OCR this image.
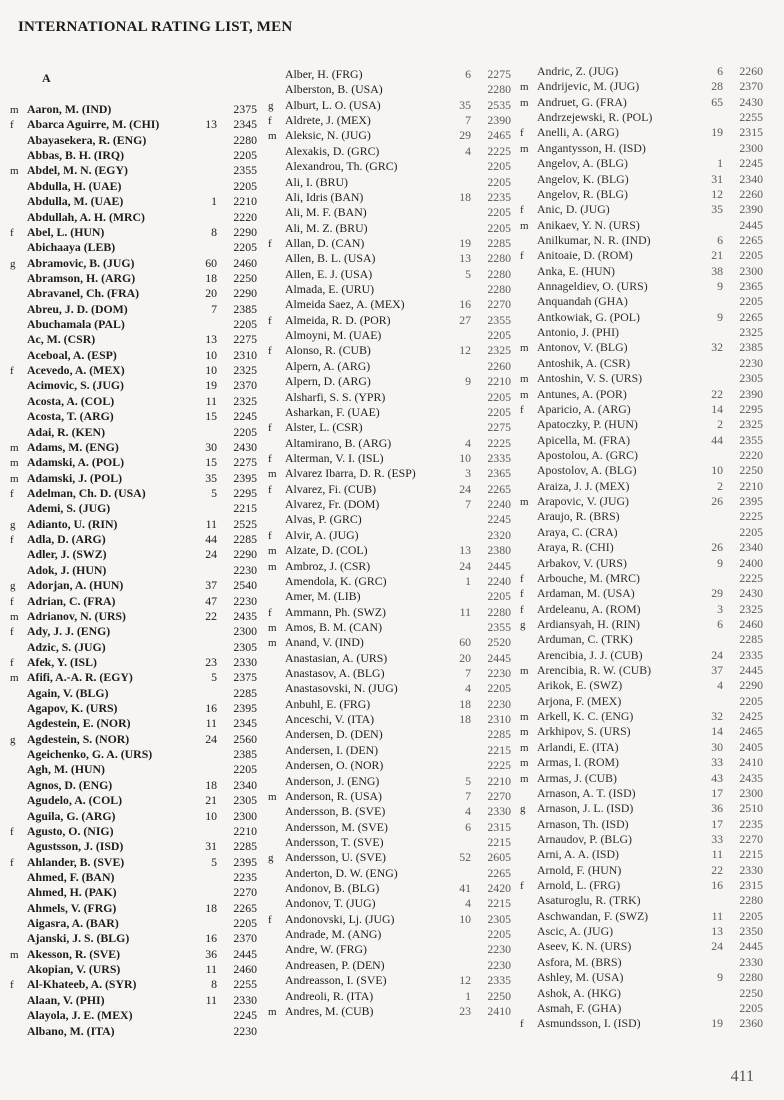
INTERNATIONAL RATING LIST, MEN
A
m Aaron, M. (IND)	2375
f	Abarca Aguirre, M. (CHI)	13	2345
Abayasekera, R. (ENG)	2280
Abbas, B. H. (IRQ)	2205
m Abdel, M. N. (EGY)	2355
Abdulla, H. (UAE)	2205
Abdulla, M. (UAE)	1	2210
Abdullah, A. H. (MRC)	2220
f	Abel, L. (HUN)	8	2290
Abichaaya (LEB)	2205
g Abramovic, B. (JUG)	60	2460
Abramson, H. (ARG)	18	2250
Abravanel, Ch. (FRA)	20	2290
Abreu, J. D. (DOM)	7	2385
Abuchamala (PAL)	2205
Ac, M. (CSR)	13	2275
Aceboal, A. (ESP)	10	2310
f	Acevedo, A. (MEX)	10	2325
Acimovic, S. (JUG)	19	2370
Acosta, A. (COL)	11	2325
Acosta, T. (ARG)	15	2245
Adai, R. (KEN)	2205
m Adams, M. (ENG)	30	2430
m Adamski, A. (POL)	15	2275
m Adamski, J. (POL)	35	2395
f	Adelman, Ch. D. (USA)	5	2295
Ademi, S. (JUG)	2215
g Adianto, U. (RIN)	11	2525
f	Adla, D. (ARG)	44	2285
Adler, J. (SWZ)	24	2290
Adok, J. (HUN)	2230
g Adorjan, A. (HUN)	37	2540
f	Adrian, C. (FRA)	47	2230
m Adrianov, N. (URS)	22	2435
f	Ady, J. J. (ENG)	2300
Adzic, S. (JUG)	2305
f	Afek, Y. (ISL)	23	2330
m Afifi, A.-A. R. (EGY)	5	2375
Again, V. (BLG)	2285
Agapov, K. (URS)	16	2395
Agdestein, E. (NOR)	11	2345
g Agdestein, S. (NOR)	24	2560
Ageichenko, G. A. (URS)	2385
Agh, M. (HUN)	2205
Agnos, D. (ENG)	18	2340
Agudelo, A. (COL)	21	2305
Aguila, G. (ARG)	10	2300
f	Agusto, O. (NIG)	2210
Agustsson, J. (ISD)	31	2285
f	Ahlander, B. (SVE)	5	2395
Ahmed, F. (BAN)	2235
Ahmed, H. (PAK)	2270
Ahmels, V. (FRG)	18	2265
Aigasra, A. (BAR)	2205
Ajanski, J. S. (BLG)	16	2370
m Akesson, R. (SVE)	36	2445
Akopian, V. (URS)	11	2460
f	Al-Khateeb, A. (SYR)	8	2255
Alaan, V. (PHI)	11	2330
Alayola, J. E. (MEX)	2245
Albano, M. (ITA)	2230
Alber, H. (FRG)	6	2275
Alberston, B. (USA)	2280
g Alburt, L. O. (USA)	35	2535
f	Aldrete, J. (MEX)	7	2390
m Aleksic, N. (JUG)	29	2465
Alexakis, D. (GRC)	4	2225
Alexandrou, Th. (GRC)	2205
Ali, I. (BRU)	2205
Ali, Idris (BAN)	18	2235
Ali, M. F. (BAN)	2205
Ali, M. Z. (BRU)	2205
f	Allan, D. (CAN)	19	2285
Allen, B. L. (USA)	13	2280
Allen, E. J. (USA)	5	2280
Almada, E. (URU)	2280
Almeida Saez, A. (MEX)	16	2270
f	Almeida, R. D. (POR)	27	2355
Almoyni, M. (UAE)	2205
f	Alonso, R. (CUB)	12	2325
Alpern, A. (ARG)	2260
Alpern, D. (ARG)	9	2210
Alsharfi, S. S. (YPR)	2205
Asharkan, F. (UAE)	2205
f	Alster, L. (CSR)	2275
Altamirano, B. (ARG)	4	2225
f	Alterman, V. I. (ISL)	10	2335
m Alvarez Ibarra, D. R. (ESP)	3	2365
f	Alvarez, Fi. (CUB)	24	2265
Alvarez, Fr. (DOM)	7	2240
Alvas, P. (GRC)	2245
f	Alvir, A. (JUG)	2320
m Alzate, D. (COL)	13	2380
m Ambroz, J. (CSR)	24	2445
Amendola, K. (GRC)	1	2240
Amer, M. (LIB)	2205
f	Ammann, Ph. (SWZ)	11	2280
m Amos, B. M. (CAN)	2355
m Anand, V. (IND)	60	2520
Anastasian, A. (URS)	20	2445
Anastasov, A. (BLG)	7	2230
Anastasovski, N. (JUG)	4	2205
Anbuhl, E. (FRG)	18	2230
Anceschi, V. (ITA)	18	2310
Andersen, D. (DEN)	2285
Andersen, I. (DEN)	2215
Andersen, O. (NOR)	2225
Anderson, J. (ENG)	5	2210
m Anderson, R. (USA)	7	2270
Andersson, B. (SVE)	4	2330
Andersson, M. (SVE)	6	2315
Andersson, T. (SVE)	2215
g Andersson, U. (SVE)	52	2605
Anderton, D. W. (ENG)	2265
Andonov, B. (BLG)	41	2420
Andonov, T. (JUG)	4	2215
f	Andonovski, Lj. (JUG)	10	2305
Andrade, M. (ANG)	2205
Andre, W. (FRG)	2230
Andreasen, P. (DEN)	2230
Andreasson, I. (SVE)	12	2335
Andreoli, R. (ITA)	1	2250
m Andres, M. (CUB)	23	2410
Andric, Z. (JUG)	6	2260
m Andrijevic, M. (JUG)	28	2370
m Andruet, G. (FRA)	65	2430
Andrzejewski, R. (POL)	2255
f	Anelli, A. (ARG)	19	2315
m Angantysson, H. (ISD)	2300
Angelov, A. (BLG)	1	2245
Angelov, K. (BLG)	31	2340
Angelov, R. (BLG)	12	2260
f	Anic, D. (JUG)	35	2390
m Anikaev, Y. N. (URS)	2445
Anilkumar, N. R. (IND)	6	2265
f	Anitoaie, D. (ROM)	21	2205
Anka, E. (HUN)	38	2300
Annageldiev, O. (URS)	9	2365
Anquandah (GHA)	2205
Antkowiak, G. (POL)	9	2265
Antonio, J. (PHI)	2325
m Antonov, V. (BLG)	32	2385
Antoshik, A. (CSR)	2230
m Antoshin, V. S. (URS)	2305
m Antunes, A. (POR)	22	2390
f	Aparicio, A. (ARG)	14	2295
Apatoczky, P. (HUN)	2	2325
Apicella, M. (FRA)	44	2355
Apostolou, A. (GRC)	2220
Apostolov, A. (BLG)	10	2250
Araiza, J. J. (MEX)	2	2210
m Arapovic, V. (JUG)	26	2395
Araujo, R. (BRS)	2225
Araya, C. (CRA)	2205
Araya, R. (CHI)	26	2340
Arbakov, V. (URS)	9	2400
f	Arbouche, M. (MRC)	2225
f	Ardaman, M. (USA)	29	2430
f	Ardeleanu, A. (ROM)	3	2325
g Ardiansyah, H. (RIN)	6	2460
Arduman, C. (TRK)	2285
Arencibia, J. J. (CUB)	24	2335
m Arencibia, R. W. (CUB)	37	2445
Arikok, E. (SWZ)	4	2290
Arjona, F. (MEX)	2205
m Arkell, K. C. (ENG)	32	2425
m Arkhipov, S. (URS)	14	2465
m Arlandi, E. (ITA)	30	2405
m Armas, I. (ROM)	33	2410
m Armas, J. (CUB)	43	2435
Arnason, A. T. (ISD)	17	2300
g Arnason, J. L. (ISD)	36	2510
Arnason, Th. (ISD)	17	2235
Arnaudov, P. (BLG)	33	2270
Arni, A. A. (ISD)	11	2215
Arnold, F. (HUN)	22	2330
f	Arnold, L. (FRG)	16	2315
Asaturoglu, R. (TRK)	2280
Aschwandan, F. (SWZ)	11	2205
Ascic, A. (JUG)	13	2350
Aseev, K. N. (URS)	24	2445
Asfora, M. (BRS)	2330
Ashley, M. (USA)	9	2280
Ashok, A. (HKG)	2250
Asmah, F. (GHA)	2205
f	Asmundsson, I. (ISD)	19	2360
411
